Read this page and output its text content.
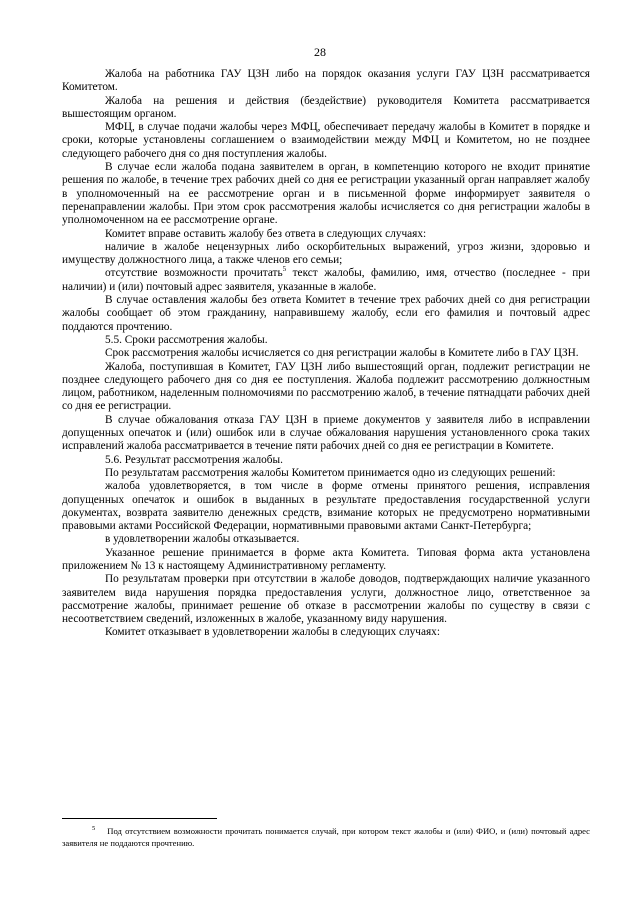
28

Жалоба на работника ГАУ ЦЗН либо на порядок оказания услуги ГАУ ЦЗН рассматривается Комитетом.

Жалоба на решения и действия (бездействие) руководителя Комитета рассматривается вышестоящим органом.

МФЦ, в случае подачи жалобы через МФЦ, обеспечивает передачу жалобы в Комитет в порядке и сроки, которые установлены соглашением о взаимодействии между МФЦ и Комитетом, но не позднее следующего рабочего дня со дня поступления жалобы.

В случае если жалоба подана заявителем в орган, в компетенцию которого не входит принятие решения по жалобе, в течение трех рабочих дней со дня ее регистрации указанный орган направляет жалобу в уполномоченный на ее рассмотрение орган и в письменной форме информирует заявителя о перенаправлении жалобы. При этом срок рассмотрения жалобы исчисляется со дня регистрации жалобы в уполномоченном на ее рассмотрение органе.

Комитет вправе оставить жалобу без ответа в следующих случаях:

наличие в жалобе нецензурных либо оскорбительных выражений, угроз жизни, здоровью и имуществу должностного лица, а также членов его семьи;

отсутствие возможности прочитать$^5$ текст жалобы, фамилию, имя, отчество (последнее - при наличии) и (или) почтовый адрес заявителя, указанные в жалобе.

В случае оставления жалобы без ответа Комитет в течение трех рабочих дней со дня регистрации жалобы сообщает об этом гражданину, направившему жалобу, если его фамилия и почтовый адрес поддаются прочтению.

5.5. Сроки рассмотрения жалобы.

Срок рассмотрения жалобы исчисляется со дня регистрации жалобы в Комитете либо в ГАУ ЦЗН.

Жалоба, поступившая в Комитет, ГАУ ЦЗН либо вышестоящий орган, подлежит регистрации не позднее следующего рабочего дня со дня ее поступления. Жалоба подлежит рассмотрению должностным лицом, работником, наделенным полномочиями по рассмотрению жалоб, в течение пятнадцати рабочих дней со дня ее регистрации.

В случае обжалования отказа ГАУ ЦЗН в приеме документов у заявителя либо в исправлении допущенных опечаток и (или) ошибок или в случае обжалования нарушения установленного срока таких исправлений жалоба рассматривается в течение пяти рабочих дней со дня ее регистрации в Комитете.

5.6. Результат рассмотрения жалобы.

По результатам рассмотрения жалобы Комитетом принимается одно из следующих решений:

жалоба удовлетворяется, в том числе в форме отмены принятого решения, исправления допущенных опечаток и ошибок в выданных в результате предоставления государственной услуги документах, возврата заявителю денежных средств, взимание которых не предусмотрено нормативными правовыми актами Российской Федерации, нормативными правовыми актами Санкт-Петербурга;

в удовлетворении жалобы отказывается.

Указанное решение принимается в форме акта Комитета. Типовая форма акта установлена приложением № 13 к настоящему Административному регламенту.

По результатам проверки при отсутствии в жалобе доводов, подтверждающих наличие указанного заявителем вида нарушения порядка предоставления услуги, должностное лицо, ответственное за рассмотрение жалобы, принимает решение об отказе в рассмотрении жалобы по существу в связи с несоответствием сведений, изложенных в жалобе, указанному виду нарушения.

Комитет отказывает в удовлетворении жалобы в следующих случаях:

$^5$ Под отсутствием возможности прочитать понимается случай, при котором текст жалобы и (или) ФИО, и (или) почтовый адрес заявителя не поддаются прочтению.
